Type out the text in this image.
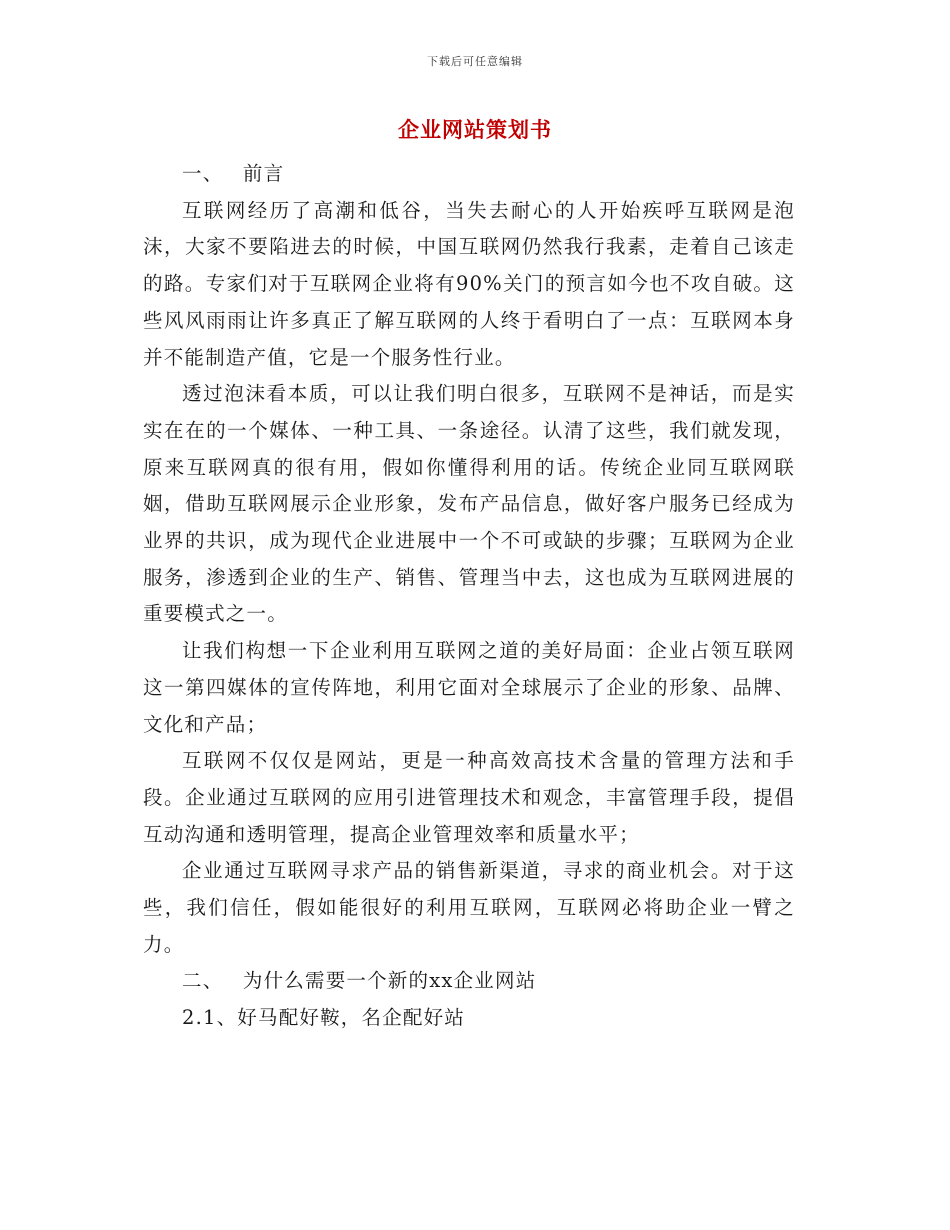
下载后可任意编辑
企业网站策划书
一、 前言

互联网经历了高潮和低谷，当失去耐心的人开始疾呼互联网是泡沫，大家不要陷进去的时候，中国互联网仍然我行我素，走着自己该走的路。专家们对于互联网企业将有90%关门的预言如今也不攻自破。这些风风雨雨让许多真正了解互联网的人终于看明白了一点：互联网本身并不能制造产值，它是一个服务性行业。

透过泡沫看本质，可以让我们明白很多，互联网不是神话，而是实实在在的一个媒体、一种工具、一条途径。认清了这些，我们就发现，原来互联网真的很有用，假如你懂得利用的话。传统企业同互联网联姻，借助互联网展示企业形象，发布产品信息，做好客户服务已经成为业界的共识，成为现代企业进展中一个不可或缺的步骤；互联网为企业服务，渗透到企业的生产、销售、管理当中去，这也成为互联网进展的重要模式之一。

让我们构想一下企业利用互联网之道的美好局面：企业占领互联网这一第四媒体的宣传阵地，利用它面对全球展示了企业的形象、品牌、文化和产品；

互联网不仅仅是网站，更是一种高效高技术含量的管理方法和手段。企业通过互联网的应用引进管理技术和观念，丰富管理手段，提倡互动沟通和透明管理，提高企业管理效率和质量水平；

企业通过互联网寻求产品的销售新渠道，寻求的商业机会。对于这些，我们信任，假如能很好的利用互联网，互联网必将助企业一臂之力。

二、 为什么需要一个新的xx企业网站
2.1、好马配好鞍，名企配好站
